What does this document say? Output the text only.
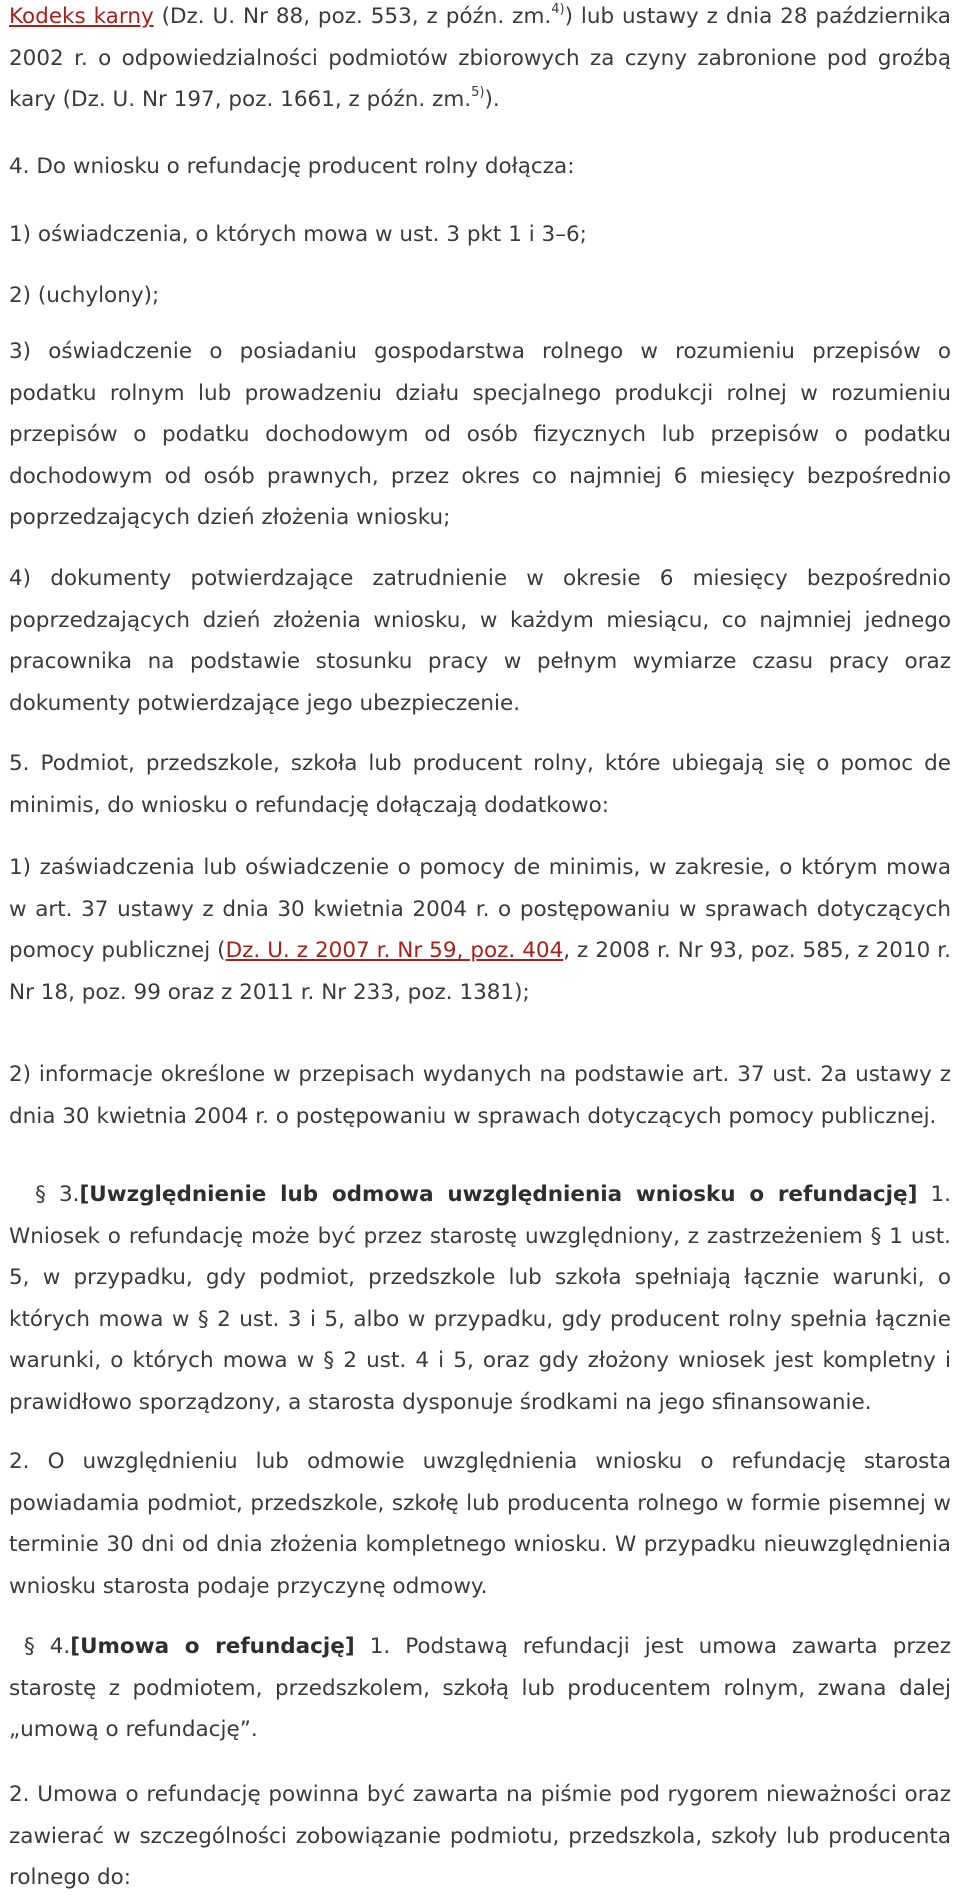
Kodeks karny (Dz. U. Nr 88, poz. 553, z późn. zm.$^{4)}$) lub ustawy z dnia 28 października 2002 r. o odpowiedzialności podmiotów zbiorowych za czyny zabronione pod groźbą kary (Dz. U. Nr 197, poz. 1661, z późn. zm.$^{5)}$).

4. Do wniosku o refundację producent rolny dołącza:

1) oświadczenia, o których mowa w ust. 3 pkt 1 i 3–6;

2) (uchylony);

3) oświadczenie o posiadaniu gospodarstwa rolnego w rozumieniu przepisów o podatku rolnym lub prowadzeniu działu specjalnego produkcji rolnej w rozumieniu przepisów o podatku dochodowym od osób fizycznych lub przepisów o podatku dochodowym od osób prawnych, przez okres co najmniej 6 miesięcy bezpośrednio poprzedzających dzień złożenia wniosku;

4) dokumenty potwierdzające zatrudnienie w okresie 6 miesięcy bezpośrednio poprzedzających dzień złożenia wniosku, w każdym miesiącu, co najmniej jednego pracownika na podstawie stosunku pracy w pełnym wymiarze czasu pracy oraz dokumenty potwierdzające jego ubezpieczenie.

5. Podmiot, przedszkole, szkoła lub producent rolny, które ubiegają się o pomoc de minimis, do wniosku o refundację dołączają dodatkowo:

1) zaświadczenia lub oświadczenie o pomocy de minimis, w zakresie, o którym mowa w art. 37 ustawy z dnia 30 kwietnia 2004 r. o postępowaniu w sprawach dotyczących pomocy publicznej (Dz. U. z 2007 r. Nr 59, poz. 404, z 2008 r. Nr 93, poz. 585, z 2010 r. Nr 18, poz. 99 oraz z 2011 r. Nr 233, poz. 1381);

2) informacje określone w przepisach wydanych na podstawie art. 37 ust. 2a ustawy z dnia 30 kwietnia 2004 r. o postępowaniu w sprawach dotyczących pomocy publicznej.

§ 3.[Uwzględnienie lub odmowa uwzględnienia wniosku o refundację] 1. Wniosek o refundację może być przez starostę uwzględniony, z zastrzeżeniem § 1 ust. 5, w przypadku, gdy podmiot, przedszkole lub szkoła spełniają łącznie warunki, o których mowa w § 2 ust. 3 i 5, albo w przypadku, gdy producent rolny spełnia łącznie warunki, o których mowa w § 2 ust. 4 i 5, oraz gdy złożony wniosek jest kompletny i prawidłowo sporządzony, a starosta dysponuje środkami na jego sfinansowanie.

2. O uwzględnieniu lub odmowie uwzględnienia wniosku o refundację starosta powiadamia podmiot, przedszkole, szkołę lub producenta rolnego w formie pisemnej w terminie 30 dni od dnia złożenia kompletnego wniosku. W przypadku nieuwzględnienia wniosku starosta podaje przyczynę odmowy.

§ 4.[Umowa o refundację] 1. Podstawą refundacji jest umowa zawarta przez starostę z podmiotem, przedszkolem, szkołą lub producentem rolnym, zwana dalej „umową o refundację”.

2. Umowa o refundację powinna być zawarta na piśmie pod rygorem nieważności oraz zawierać w szczególności zobowiązanie podmiotu, przedszkola, szkoły lub producenta rolnego do:
